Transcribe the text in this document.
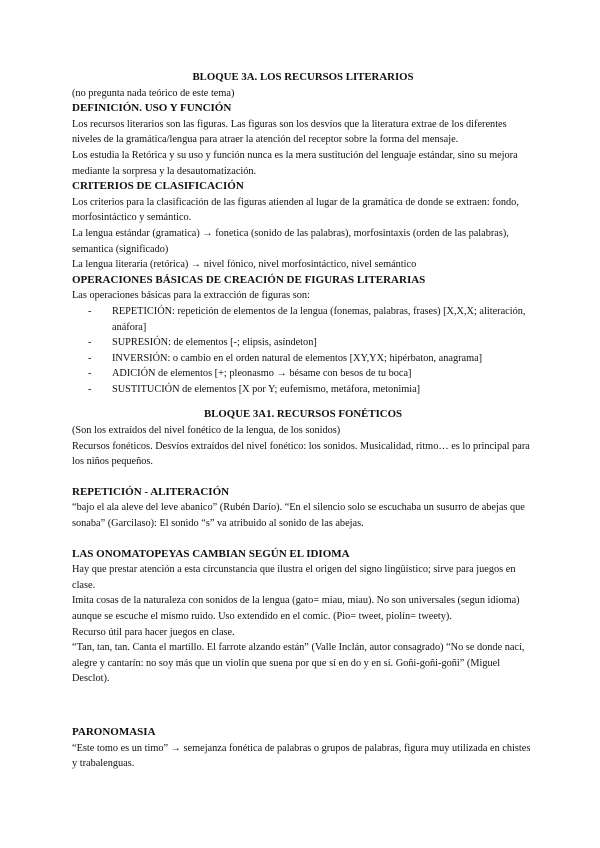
BLOQUE 3A. LOS RECURSOS LITERARIOS

(no pregunta nada teórico de este tema)

DEFINICIÓN. USO Y FUNCIÓN

Los recursos literarios son las figuras. Las figuras son los desvíos que la literatura extrae de los diferentes niveles de la gramática/lengua para atraer la atención del receptor sobre la forma del mensaje.

Los estudia la Retórica y su uso y función nunca es la mera sustitución del lenguaje estándar, sino su mejora mediante la sorpresa y la desautomatización.

CRITERIOS DE CLASIFICACIÓN

Los criterios para la clasificación de las figuras atienden al lugar de la gramática de donde se extraen: fondo, morfosintáctico y semántico.

La lengua estándar (gramatica) → fonetica (sonido de las palabras), morfosintaxis (orden de las palabras), semantica (significado)

La lengua literaria (retórica) → nivel fónico, nivel morfosintáctico, nivel semántico

OPERACIONES BÁSICAS DE CREACIÓN DE FIGURAS LITERARIAS

Las operaciones básicas para la extracción de figuras son:

- REPETICIÓN: repetición de elementos de la lengua (fonemas, palabras, frases) [X,X,X; aliteración, anáfora]
- SUPRESIÓN: de elementos [-; elipsis, asíndeton]
- INVERSIÓN: o cambio en el orden natural de elementos [XY,YX; hipérbaton, anagrama]
- ADICIÓN de elementos [+; pleonasmo → bésame con besos de tu boca]
- SUSTITUCIÓN de elementos [X por Y; eufemismo, metáfora, metonimia]

BLOQUE 3A1. RECURSOS FONÉTICOS

(Son los extraídos del nivel fonético de la lengua, de los sonidos)

Recursos fonéticos. Desvíos extraídos del nivel fonético: los sonidos. Musicalidad, ritmo… es lo principal para los niños pequeños.

REPETICIÓN - ALITERACIÓN

“bajo el ala aleve del leve abanico” (Rubén Darío). “En el silencio solo se escuchaba un susurro de abejas que sonaba” (Garcilaso): El sonido “s” va atribuido al sonido de las abejas.

LAS ONOMATOPEYAS CAMBIAN SEGÚN EL IDIOMA

Hay que prestar atención a esta circunstancia que ilustra el origen del signo lingüístico; sirve para juegos en clase.

Imita cosas de la naturaleza con sonidos de la lengua (gato= miau, miau). No son universales (segun idioma) aunque se escuche el mismo ruido. Uso extendido en el comic. (Pio= tweet, piolín= tweety).

Recurso útil para hacer juegos en clase.

“Tan, tan, tan. Canta el martillo. El farrote alzando están” (Valle Inclán, autor consagrado) “No se donde nací, alegre y cantarín: no soy más que un violín que suena por que sí en do y en sí. Goñi-goñi-goñi” (Miguel Desclot).

PARONOMASIA

“Este tomo es un timo” → semejanza fonética de palabras o grupos de palabras, figura muy utilizada en chistes y trabalenguas.
